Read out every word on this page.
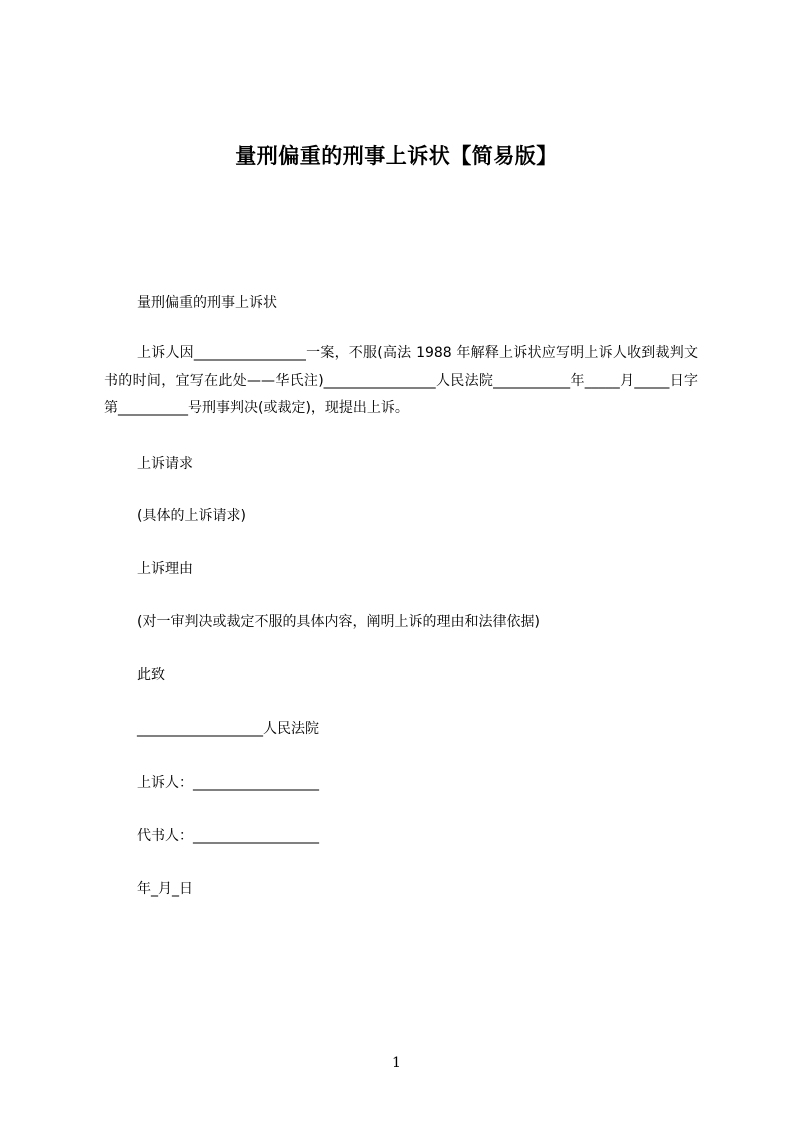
量刑偏重的刑事上诉状【简易版】
量刑偏重的刑事上诉状
上诉人因________________一案，不服(高法 1988 年解释上诉状应写明上诉人收到裁判文书的时间，宜写在此处——华氏注)________________人民法院___________年_____月_____日字第__________号刑事判决(或裁定)，现提出上诉。
上诉请求
(具体的上诉请求)
上诉理由
(对一审判决或裁定不服的具体内容，阐明上诉的理由和法律依据)
此致
__________________人民法院
上诉人：__________________
代书人：__________________
年_月_日
1
